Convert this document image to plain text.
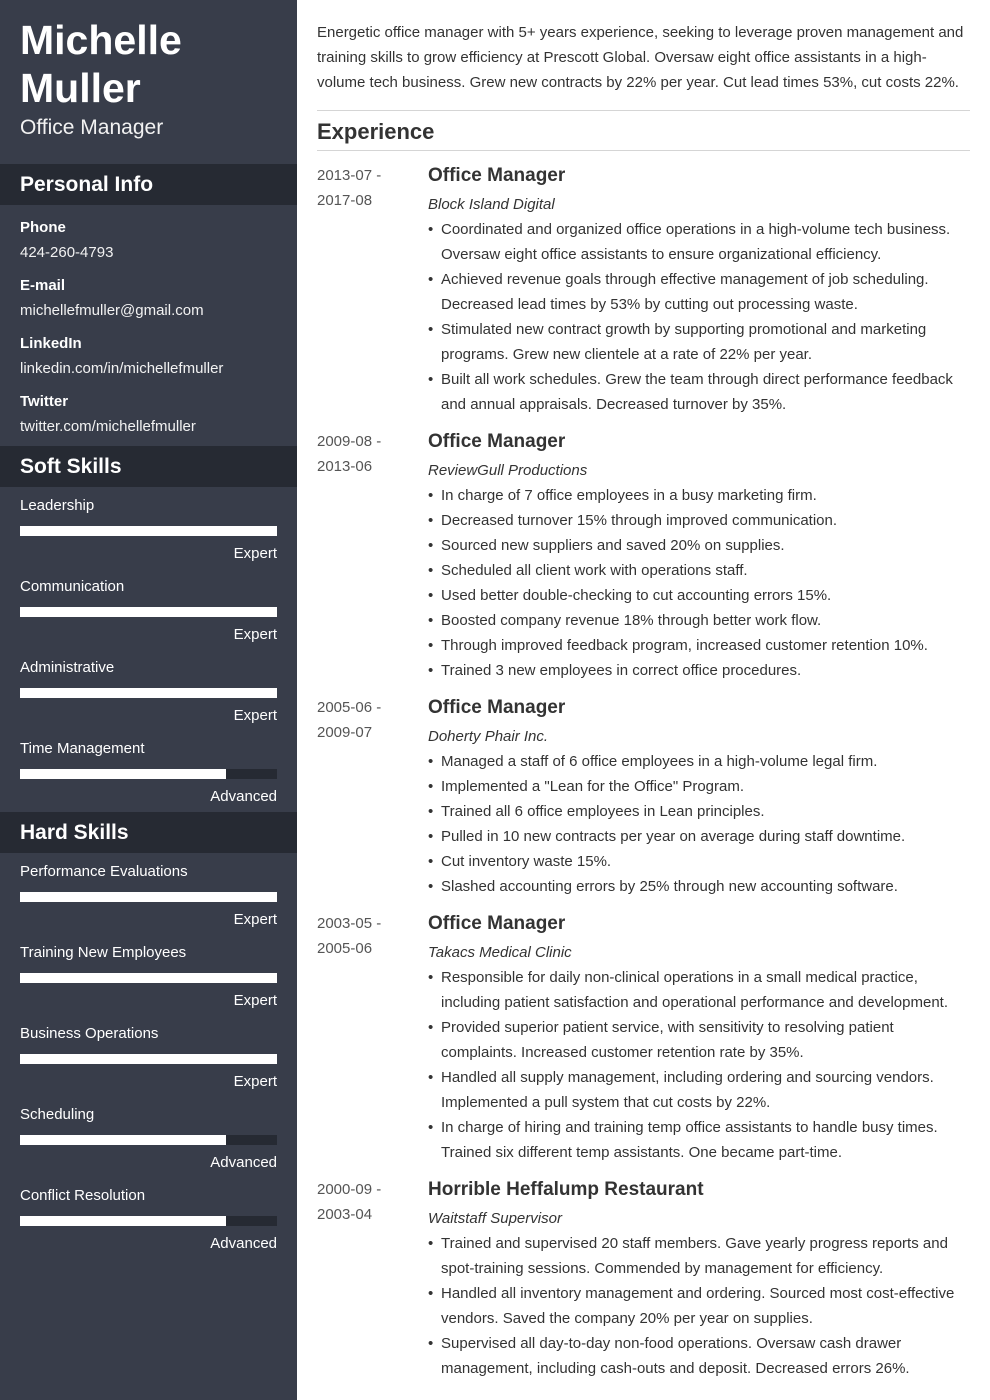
Michelle
Muller
Office Manager
Personal Info
Phone
424-260-4793
E-mail
michellefmuller@gmail.com
LinkedIn
linkedin.com/in/michellefmuller
Twitter
twitter.com/michellefmuller
Soft Skills
Leadership
Expert
Communication
Expert
Administrative
Expert
Time Management
Advanced
Hard Skills
Performance Evaluations
Expert
Training New Employees
Expert
Business Operations
Expert
Scheduling
Advanced
Conflict Resolution
Advanced
Energetic office manager with 5+ years experience, seeking to leverage proven management and training skills to grow efficiency at Prescott Global. Oversaw eight office assistants in a high-volume tech business. Grew new contracts by 22% per year. Cut lead times 53%, cut costs 22%.
Experience
2013-07 -
2017-08
Office Manager
Block Island Digital
• Coordinated and organized office operations in a high-volume tech business. Oversaw eight office assistants to ensure organizational efficiency.
• Achieved revenue goals through effective management of job scheduling. Decreased lead times by 53% by cutting out processing waste.
• Stimulated new contract growth by supporting promotional and marketing programs. Grew new clientele at a rate of 22% per year.
• Built all work schedules. Grew the team through direct performance feedback and annual appraisals. Decreased turnover by 35%.
2009-08 -
2013-06
Office Manager
ReviewGull Productions
• In charge of 7 office employees in a busy marketing firm.
• Decreased turnover 15% through improved communication.
• Sourced new suppliers and saved 20% on supplies.
• Scheduled all client work with operations staff.
• Used better double-checking to cut accounting errors 15%.
• Boosted company revenue 18% through better work flow.
• Through improved feedback program, increased customer retention 10%.
• Trained 3 new employees in correct office procedures.
2005-06 -
2009-07
Office Manager
Doherty Phair Inc.
• Managed a staff of 6 office employees in a high-volume legal firm.
• Implemented a "Lean for the Office" Program.
• Trained all 6 office employees in Lean principles.
• Pulled in 10 new contracts per year on average during staff downtime.
• Cut inventory waste 15%.
• Slashed accounting errors by 25% through new accounting software.
2003-05 -
2005-06
Office Manager
Takacs Medical Clinic
• Responsible for daily non-clinical operations in a small medical practice, including patient satisfaction and operational performance and development.
• Provided superior patient service, with sensitivity to resolving patient complaints. Increased customer retention rate by 35%.
• Handled all supply management, including ordering and sourcing vendors. Implemented a pull system that cut costs by 22%.
• In charge of hiring and training temp office assistants to handle busy times. Trained six different temp assistants. One became part-time.
2000-09 -
2003-04
Horrible Heffalump Restaurant
Waitstaff Supervisor
• Trained and supervised 20 staff members. Gave yearly progress reports and spot-training sessions. Commended by management for efficiency.
• Handled all inventory management and ordering. Sourced most cost-effective vendors. Saved the company 20% per year on supplies.
• Supervised all day-to-day non-food operations. Oversaw cash drawer management, including cash-outs and deposit. Decreased errors 26%.
